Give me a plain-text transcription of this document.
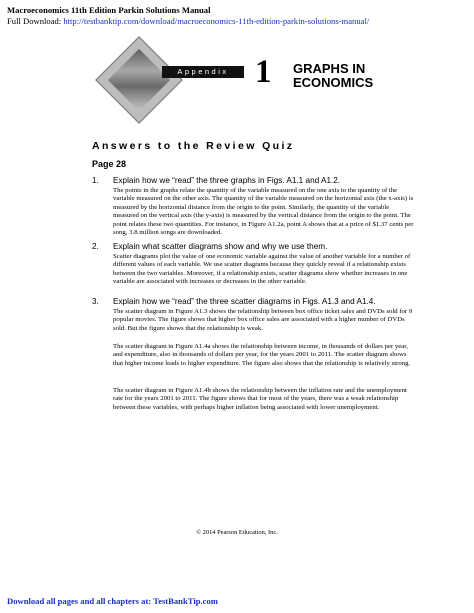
Macroeconomics 11th Edition Parkin Solutions Manual
Full Download: http://testbanktip.com/download/macroeconomics-11th-edition-parkin-solutions-manual/
Appendix 1 GRAPHS IN ECONOMICS
Answers to the Review Quiz
Page 28
1. Explain how we “read” the three graphs in Figs. A1.1 and A1.2.
The points in the graphs relate the quantity of the variable measured on the one axis to the quantity of the variable measured on the other axis. The quantity of the variable measured on the horizontal axis (the x-axis) is measured by the horizontal distance from the origin to the point. Similarly, the quantity of the variable measured on the vertical axis (the y-axis) is measured by the vertical distance from the origin to the point. The point relates these two quantities. For instance, in Figure A1.2a, point A shows that at a price of $1.37 cents per song, 3.8 million songs are downloaded.
2. Explain what scatter diagrams show and why we use them.
Scatter diagrams plot the value of one economic variable against the value of another variable for a number of different values of each variable. We use scatter diagrams because they quickly reveal if a relationship exists between the two variables. Moreover, if a relationship exists, scatter diagrams show whether increases in one variable are associated with increases or decreases in the other variable.
3. Explain how we “read” the three scatter diagrams in Figs. A1.3 and A1.4.
The scatter diagram in Figure A1.3 shows the relationship between box office ticket sales and DVDs sold for 9 popular movies. The figure shows that higher box office sales are associated with a higher number of DVDs sold. But the figure shows that the relationship is weak.
The scatter diagram in Figure A1.4a shows the relationship between income, in thousands of dollars per year, and expenditure, also in thousands of dollars per year, for the years 2001 to 2011. The scatter diagram shows that higher income leads to higher expenditure. The figure also shows that the relationship is relatively strong.
The scatter diagram in Figure A1.4b shows the relationship between the inflation rate and the unemployment rate for the years 2001 to 2011. The figure shows that for most of the years, there was a weak relationship between these variables, with perhaps higher inflation being associated with lower unemployment.
© 2014 Pearson Education, Inc.
Download all pages and all chapters at: TestBankTip.com
